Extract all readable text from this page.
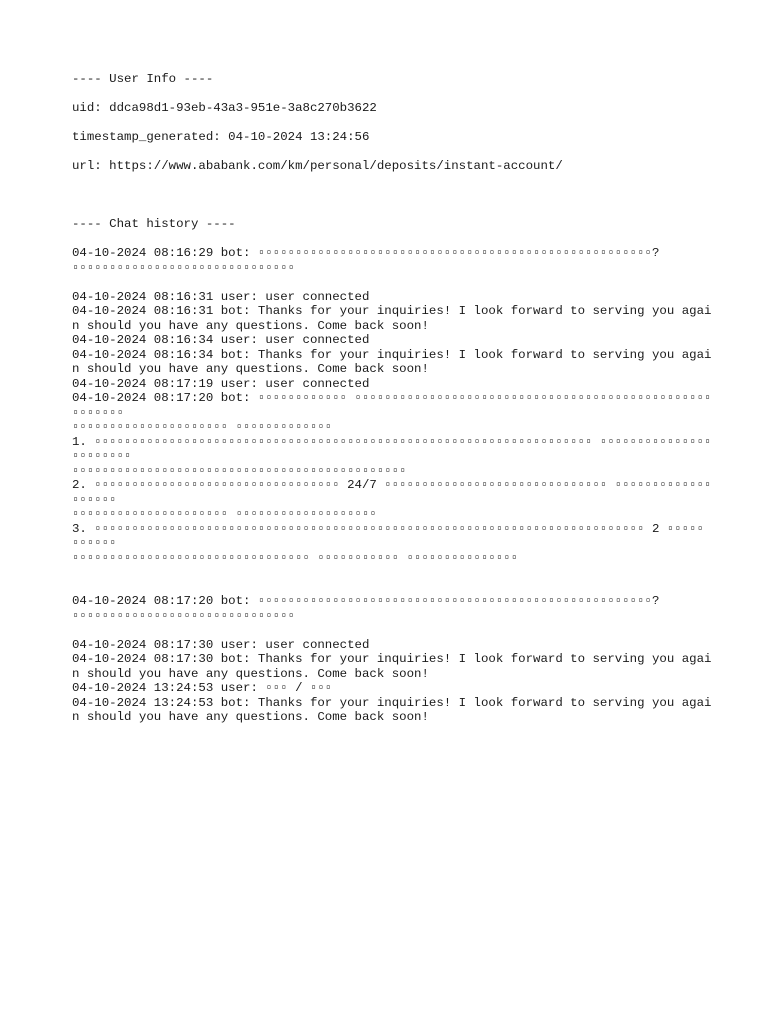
---- User Info ----

uid: ddca98d1-93eb-43a3-951e-3a8c270b3622

timestamp_generated: 04-10-2024 13:24:56

url: https://www.ababank.com/km/personal/deposits/instant-account/

---- Chat history ----

04-10-2024 08:16:29 bot: ▫▫▫▫▫▫▫▫▫▫▫▫▫▫▫▫▫▫▫▫▫▫▫▫▫▫▫▫▫▫▫▫▫▫▫▫▫▫▫▫▫▫▫▫▫▫▫▫▫▫▫▫▫?

▫▫▫▫▫▫▫▫▫▫▫▫▫▫▫▫▫▫▫▫▫▫▫▫▫▫▫▫▫▫

04-10-2024 08:16:31 user: user connected

04-10-2024 08:16:31 bot: Thanks for your inquiries! I look forward to serving you again should you have any questions. Come back soon!

04-10-2024 08:16:34 user: user connected

04-10-2024 08:16:34 bot: Thanks for your inquiries! I look forward to serving you again should you have any questions. Come back soon!

04-10-2024 08:17:19 user: user connected

04-10-2024 08:17:20 bot: ▫▫▫▫▫▫▫▫▫▫▫▫ ▫▫▫▫▫▫▫▫▫▫▫▫▫▫▫▫▫▫▫▫▫▫▫▫▫▫▫▫▫▫▫▫▫▫▫▫▫▫▫▫▫▫▫▫▫▫▫▫▫▫▫▫▫▫▫

▫▫▫▫▫▫▫▫▫▫▫▫▫▫▫▫▫▫▫▫▫ ▫▫▫▫▫▫▫▫▫▫▫▫▫

1. ▫▫▫▫▫▫▫▫▫▫▫▫▫▫▫▫▫▫▫▫▫▫▫▫▫▫▫▫▫▫▫▫▫▫▫▫▫▫▫▫▫▫▫▫▫▫▫▫▫▫▫▫▫▫▫▫▫▫▫▫▫▫▫▫▫▫▫ ▫▫▫▫▫▫▫▫▫▫▫▫▫▫▫▫▫▫▫▫▫▫▫

▫▫▫▫▫▫▫▫▫▫▫▫▫▫▫▫▫▫▫▫▫▫▫▫▫▫▫▫▫▫▫▫▫▫▫▫▫▫▫▫▫▫▫▫▫

2. ▫▫▫▫▫▫▫▫▫▫▫▫▫▫▫▫▫▫▫▫▫▫▫▫▫▫▫▫▫▫▫▫▫ 24/7 ▫▫▫▫▫▫▫▫▫▫▫▫▫▫▫▫▫▫▫▫▫▫▫▫▫▫▫▫▫▫ ▫▫▫▫▫▫▫▫▫▫▫▫▫▫▫▫▫▫▫

▫▫▫▫▫▫▫▫▫▫▫▫▫▫▫▫▫▫▫▫▫ ▫▫▫▫▫▫▫▫▫▫▫▫▫▫▫▫▫▫▫

3. ▫▫▫▫▫▫▫▫▫▫▫▫▫▫▫▫▫▫▫▫▫▫▫▫▫▫▫▫▫▫▫▫▫▫▫▫▫▫▫▫▫▫▫▫▫▫▫▫▫▫▫▫▫▫▫▫▫▫▫▫▫▫▫▫▫▫▫▫▫▫▫▫▫▫ 2 ▫▫▫▫▫ ▫▫▫▫▫▫

▫▫▫▫▫▫▫▫▫▫▫▫▫▫▫▫▫▫▫▫▫▫▫▫▫▫▫▫▫▫▫▫ ▫▫▫▫▫▫▫▫▫▫▫ ▫▫▫▫▫▫▫▫▫▫▫▫▫▫▫

04-10-2024 08:17:20 bot: ▫▫▫▫▫▫▫▫▫▫▫▫▫▫▫▫▫▫▫▫▫▫▫▫▫▫▫▫▫▫▫▫▫▫▫▫▫▫▫▫▫▫▫▫▫▫▫▫▫▫▫▫▫?

▫▫▫▫▫▫▫▫▫▫▫▫▫▫▫▫▫▫▫▫▫▫▫▫▫▫▫▫▫▫

04-10-2024 08:17:30 user: user connected

04-10-2024 08:17:30 bot: Thanks for your inquiries! I look forward to serving you again should you have any questions. Come back soon!

04-10-2024 13:24:53 user: ▫▫▫ / ▫▫▫

04-10-2024 13:24:53 bot: Thanks for your inquiries! I look forward to serving you again should you have any questions. Come back soon!
